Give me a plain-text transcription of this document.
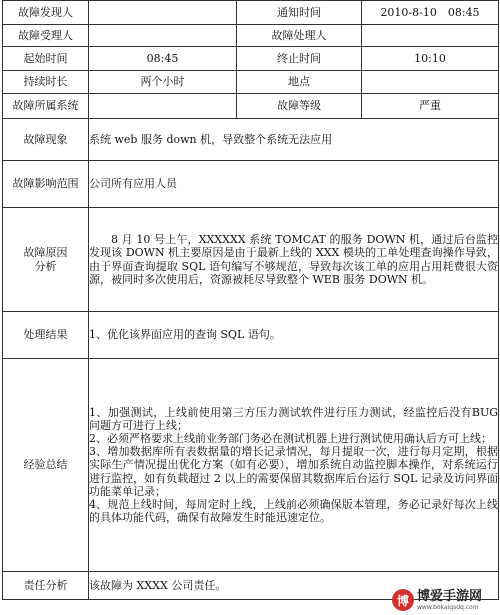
故障发现人		通知时间	2010-8-10　08:45
故障受理人		故障处理人	
起始时间	08:45	终止时间	10:10
持续时长	两个小时	地点	
故障所属系统		故障等级	严重
故障现象	系统 web 服务 down 机，导致整个系统无法应用		
故障影响范围	公司所有应用人员		
故障原因
分析	8 月 10 号上午，XXXXXX 系统 TOMCAT 的服务 DOWN 机，通过后台监控发现该 DOWN 机主要原因是由于最新上线的 XXX 模块的工单处理查询操作导致，由于界面查询提取 SQL 语句编写不够规范，导致每次该工单的应用占用耗费很大资源，被同时多次使用后，资源被耗尽导致整个 WEB 服务 DOWN 机。		

处理结果	1、优化该界面应用的查询 SQL 语句。		
经验总结	1、加强测试，上线前使用第三方压力测试软件进行压力测试，经监控后没有BUG 问题方可进行上线；
2、必须严格要求上线前业务部门务必在测试机器上进行测试使用确认后方可上线；
3、增加数据库所有表数据量的增长记录情况，每月提取一次，进行每月定期，根据实际生产情况提出优化方案（如有必要），增加系统自动监控脚本操作，对系统运行进行监控，如有负载超过 2 以上的需要保留其数据库后台运行 SQL 记录及访问界面功能菜单记录；
4、规范上线时间，每周定时上线，上线前必须确保版本管理，务必记录好每次上线的具体功能代码，确保有故障发生时能迅速定位。		

责任分析	该故障为 XXXX 公司责任。		
博 博爱手游网
www.bokaiqsdq.com
